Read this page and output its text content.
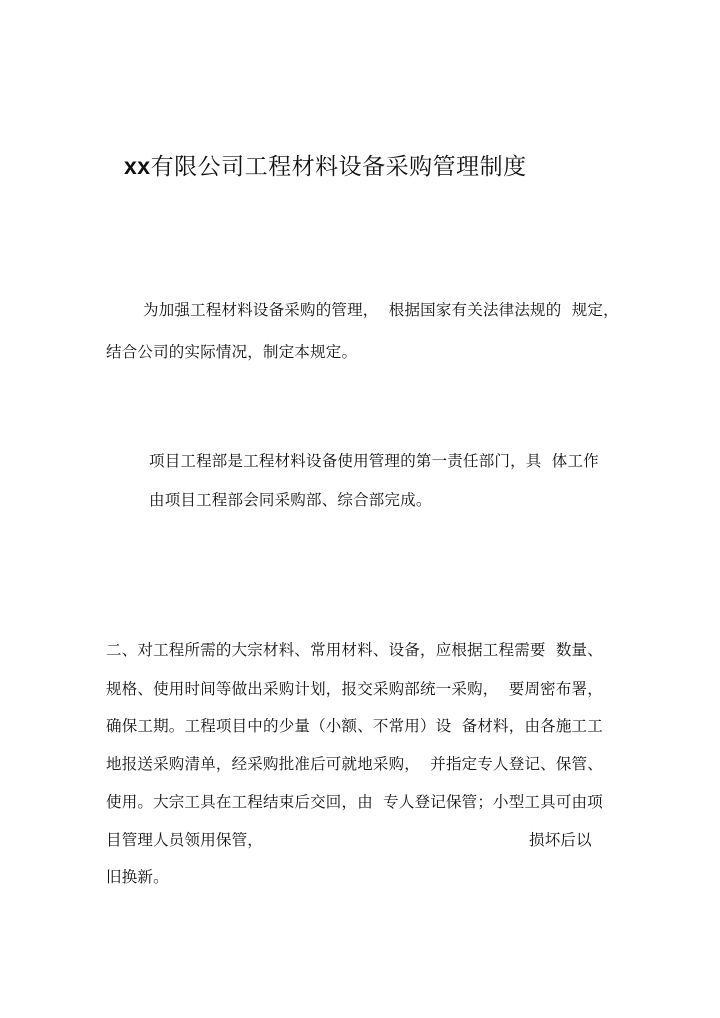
xx有限公司工程材料设备采购管理制度
为加强工程材料设备采购的管理，  根据国家有关法律法规的  规定，
结合公司的实际情况，制定本规定。
项目工程部是工程材料设备使用管理的第一责任部门，具  体工作
由项目工程部会同采购部、综合部完成。
二、对工程所需的大宗材料、常用材料、设备，应根据工程需要  数量、
规格、使用时间等做出采购计划，报交采购部统一采购，  要周密布署，
确保工期。工程项目中的少量（小额、不常用）设  备材料，由各施工工
地报送采购清单，经采购批准后可就地采购，  并指定专人登记、保管、
使用。大宗工具在工程结束后交回，由  专人登记保管；小型工具可由项
目管理人员领用保管，	损坏后以
旧换新。
